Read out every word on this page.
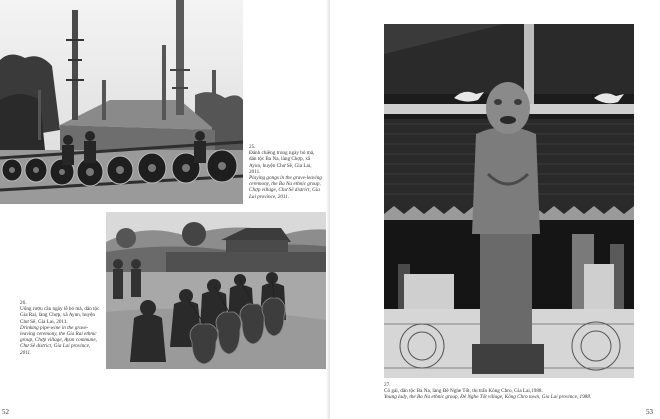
25.
Đánh chiêng trong ngày bỏ mả, dân tộc Ba Na, làng Chợp, xã Ayun, huyện Chư Sê, Gia Lai, 2011.
Playing gongs in the grave-leaving ceremony, the Ba Na ethnic group, Chợp village, Chư Sê district, Gia Lai province, 2011.
26.
Uống rượu cần ngày lễ bỏ mả, dân tộc Gia Rai, làng Chợp, xã Ayun, huyện Chư Sê, Gia Lai, 2011.
Drinking pipe-wine in the grave-leaving ceremony, the Gia Rai ethnic group, Chợp village, Ayun commune, Chư Sê district, Gia Lai province, 2011.
52
27.
Cô gái, dân tộc Ba Na, làng Đê Nghe Tốt, thị trấn Kông Chro, Gia Lai,1988.
Young lady, the Ba Na ethnic group, Đê Nghe Tốt village, Kông Chro town, Gia Lai province, 1988.
53
